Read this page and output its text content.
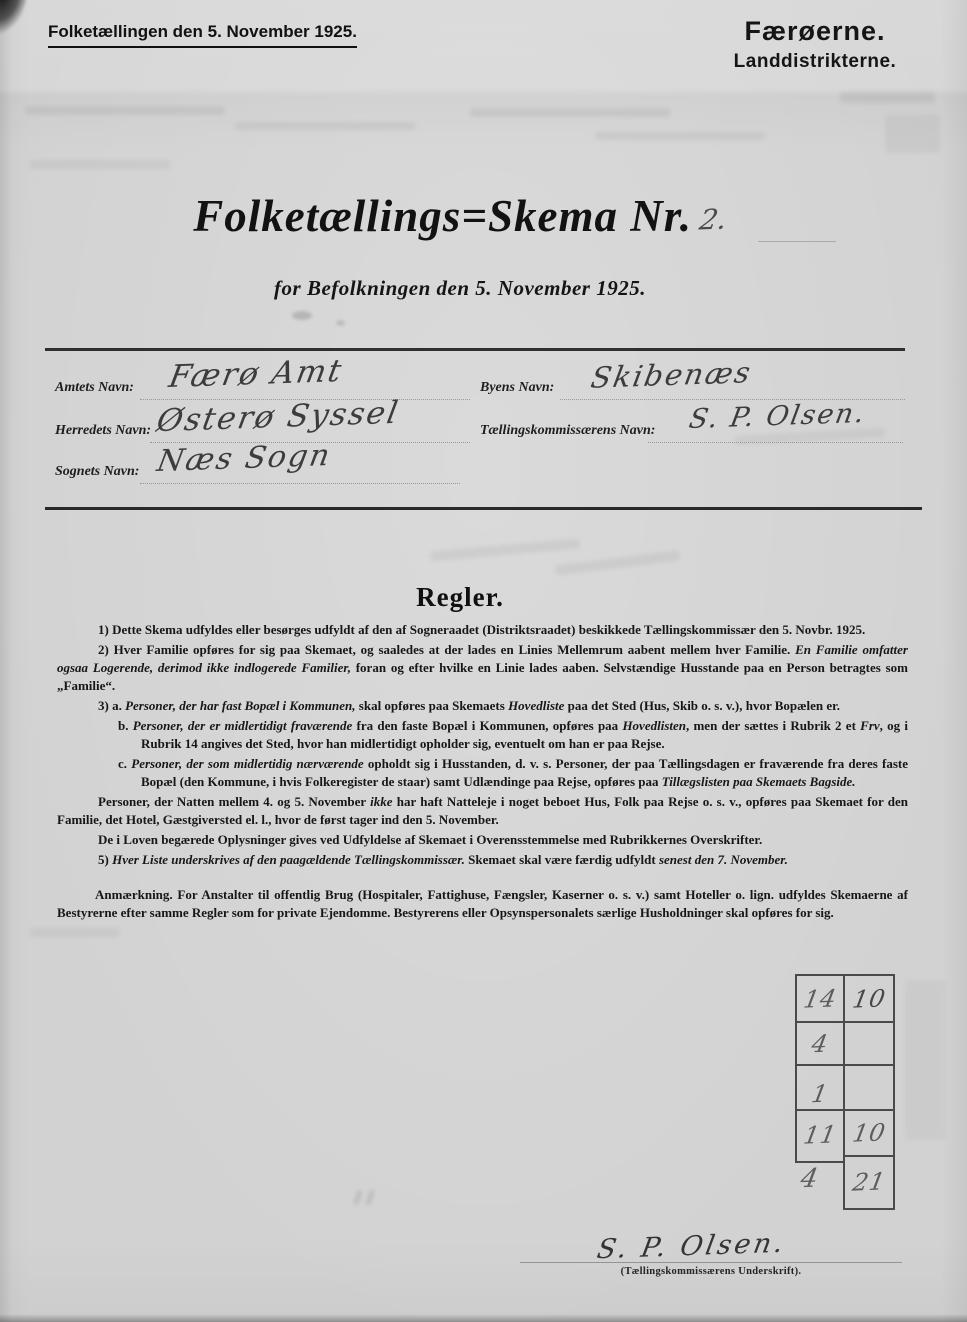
Folketællingen den 5. November 1925.	Færøerne.
Landdistrikterne.
Folketællings=Skema Nr. 2.
for Befolkningen den 5. November 1925.
Amtets Navn: Færø Amt
Herredets Navn: Østerø Syssel
Sognets Navn: Næs Sogn
Byens Navn: Skibenæs
Tællingskommissærens Navn: S. P. Olsen.
Regler.

1) Dette Skema udfyldes eller besørges udfyldt af den af Sogneraadet (Distriktsraadet) beskikkede Tællingskommissær den 5. Novbr. 1925.

2) Hver Familie opføres for sig paa Skemaet, og saaledes at der lades en Linies Mellemrum aabent mellem hver Familie. En Familie omfatter ogsaa Logerende, derimod ikke indlogerede Familier, foran og efter hvilke en Linie lades aaben. Selvstændige Husstande paa en Person betragtes som „Familie“.

3) a. Personer, der har fast Bopæl i Kommunen, skal opføres paa Skemaets Hovedliste paa det Sted (Hus, Skib o. s. v.), hvor Bopælen er.

b. Personer, der er midlertidigt fraværende fra den faste Bopæl i Kommunen, opføres paa Hovedlisten, men der sættes i Rubrik 2 et Frv, og i Rubrik 14 angives det Sted, hvor han midlertidigt opholder sig, eventuelt om han er paa Rejse.

c. Personer, der som midlertidig nærværende opholdt sig i Husstanden, d. v. s. Personer, der paa Tællingsdagen er fraværende fra deres faste Bopæl (den Kommune, i hvis Folkeregister de staar) samt Udlændinge paa Rejse, opføres paa Tillægslisten paa Skemaets Bagside.

Personer, der Natten mellem 4. og 5. November ikke har haft Natteleje i noget beboet Hus, Folk paa Rejse o. s. v., opføres paa Skemaet for den Familie, det Hotel, Gæstgiversted el. l., hvor de først tager ind den 5. November.

De i Loven begærede Oplysninger gives ved Udfyldelse af Skemaet i Overensstemmelse med Rubrikkernes Overskrifter.

5) Hver Liste underskrives af den paagældende Tællingskommissær. Skemaet skal være færdig udfyldt senest den 7. November.

Anmærkning. For Anstalter til offentlig Brug (Hospitaler, Fattighuse, Fængsler, Kaserner o. s. v.) samt Hoteller o. lign. udfyldes Skemaerne af Bestyrerne efter samme Regler som for private Ejendomme. Bestyrerens eller Opsynspersonalets særlige Husholdninger skal opføres for sig.

14
4
1
11
10
10
21
4
S. P. Olsen.
(Tællingskommissærens Underskrift).
